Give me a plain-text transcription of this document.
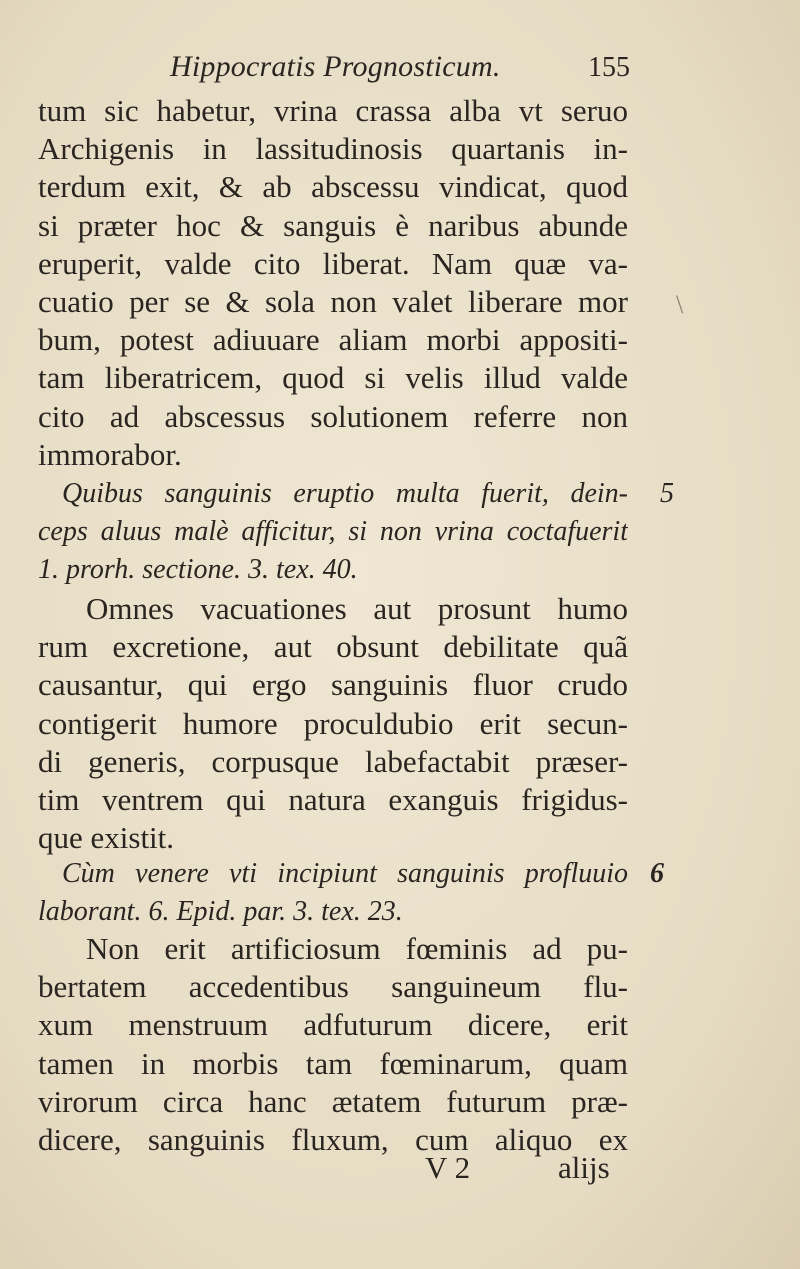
Hippocratis Prognosticum.	155
tum sic habetur, vrina crassa alba vt seruo
Archigenis in lassitudinosis quartanis in-
terdum exit, & ab abscessu vindicat, quod
si præter hoc & sanguis è naribus abunde
eruperit, valde cito liberat. Nam quæ va-
cuatio per se & sola non valet liberare mor
bum, potest adiuuare aliam morbi appositi-
tam liberatricem, quod si velis illud valde
cito ad abscessus solutionem referre non
immorabor.
\
Quibus sanguinis eruptio multa fuerit, dein-
ceps aluus malè afficitur, si non vrina coctafuerit
1. prorh. sectione. 3. tex. 40.
5
Omnes vacuationes aut prosunt humo
rum excretione, aut obsunt debilitate quã
causantur, qui ergo sanguinis fluor crudo
contigerit humore proculdubio erit secun-
di generis, corpusque labefactabit præser-
tim ventrem qui natura exanguis frigidus-
que existit.
Cùm venere vti incipiunt sanguinis profluuio
laborant. 6. Epid. par. 3. tex. 23.
6
Non erit artificiosum fœminis ad pu-
bertatem accedentibus sanguineum flu-
xum menstruum adfuturum dicere, erit
tamen in morbis tam fœminarum, quam
virorum circa hanc ætatem futurum præ-
dicere, sanguinis fluxum, cum aliquo ex
V 2	alijs
